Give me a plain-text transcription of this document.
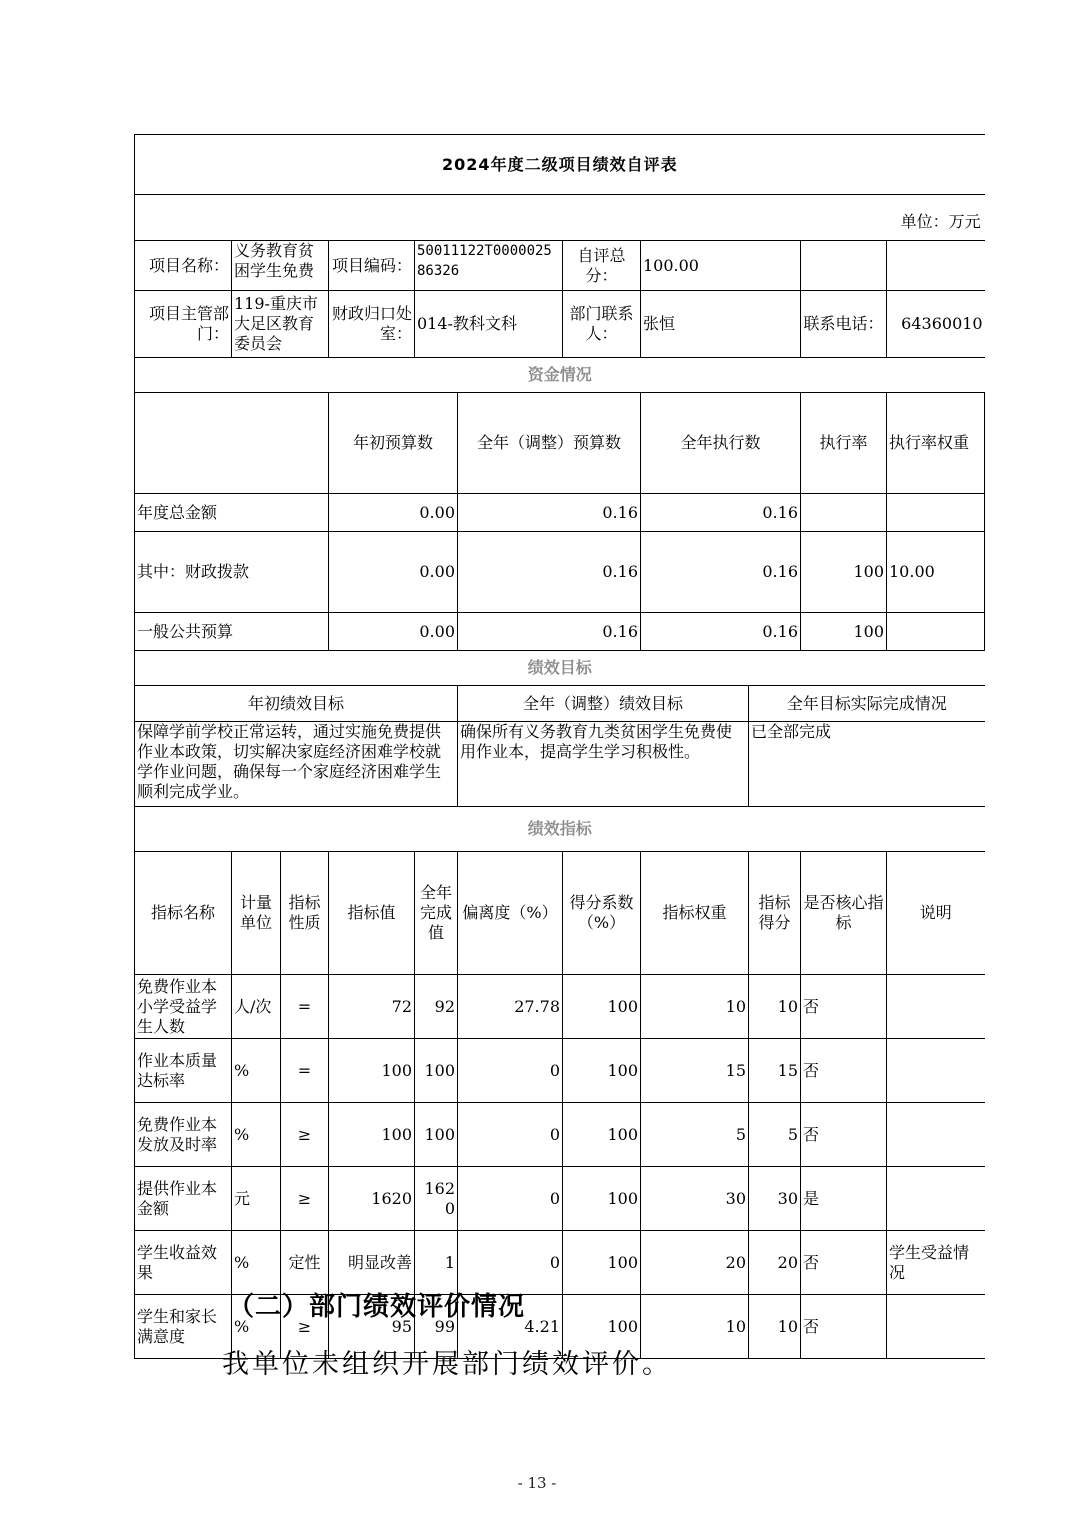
2024年度二级项目绩效自评表											
单位：万元											
项目名称：	义务教育贫困学生免费		项目编码：	50011122T000002586326		自评总分：	100.00				
项目主管部门：	119-重庆市大足区教育委员会		财政归口处室：	014-教科文科		部门联系人：	张恒		联系电话：	64360010	
资金情况											
			年初预算数		全年（调整）预算数		全年执行数		执行率	执行率权重	

年度总金额			0.00		0.16		0.16				

其中：财政拨款			0.00		0.16		0.16		100	10.00	

一般公共预算			0.00		0.16		0.16		100		
绩效目标											
年初绩效目标					全年（调整）绩效目标			全年目标实际完成情况			

保障学前学校正常运转，通过实施免费提供作业本政策，切实解决家庭经济困难学校就学作业问题，确保每一个家庭经济困难学生顺利完成学业。					确保所有义务教育九类贫困学生免费使用作业本，提高学生学习积极性。			已全部完成			
绩效指标											
指标名称	计量单位	指标性质	指标值	全年完成值	偏离度（%）	得分系数（%）	指标权重	指标得分	是否核心指标	说明	
免费作业本小学受益学生人数	人/次	=	72	92	27.78	100	10	10	否		
作业本质量达标率	%	=	100	100	0	100	15	15	否		
免费作业本发放及时率	%	≥	100	100	0	100	5	5	否		
提供作业本金额	元	≥	1620	1620	0	100	30	30	是		
学生收益效果	%	定性	明显改善	1	0	100	20	20	否	学生受益情况	
学生和家长满意度	%	≥	95	99	4.21	100	10	10	否		
（二）部门绩效评价情况
我单位未组织开展部门绩效评价。
- 13 -
